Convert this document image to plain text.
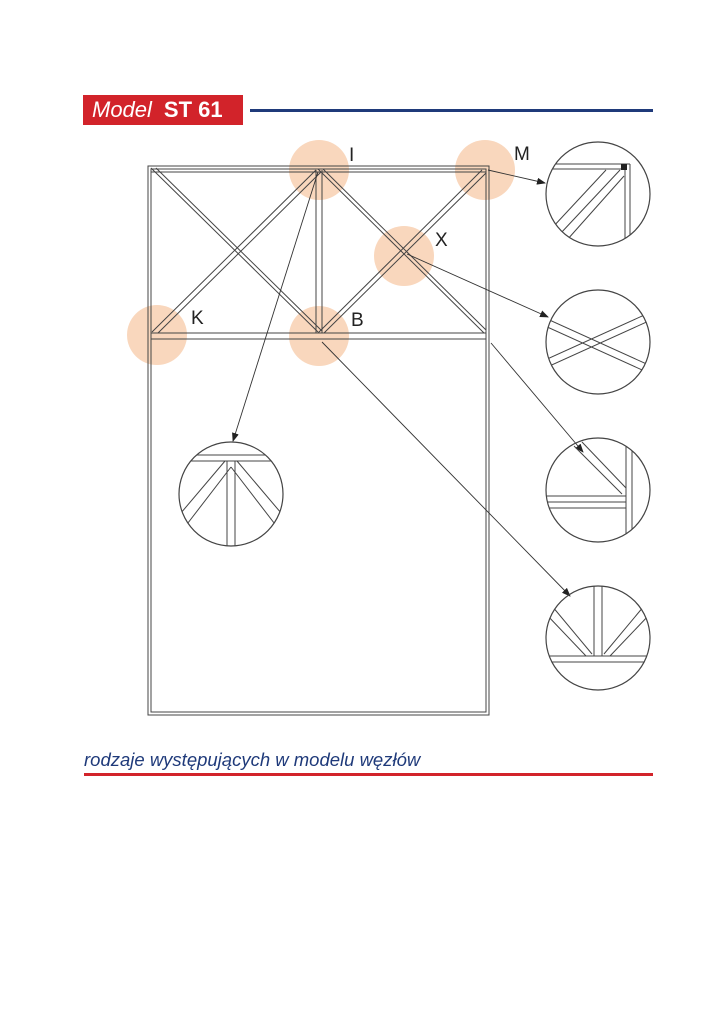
Model ST 61
I	M
X
K	B
rodzaje występujących w modelu węzłów
